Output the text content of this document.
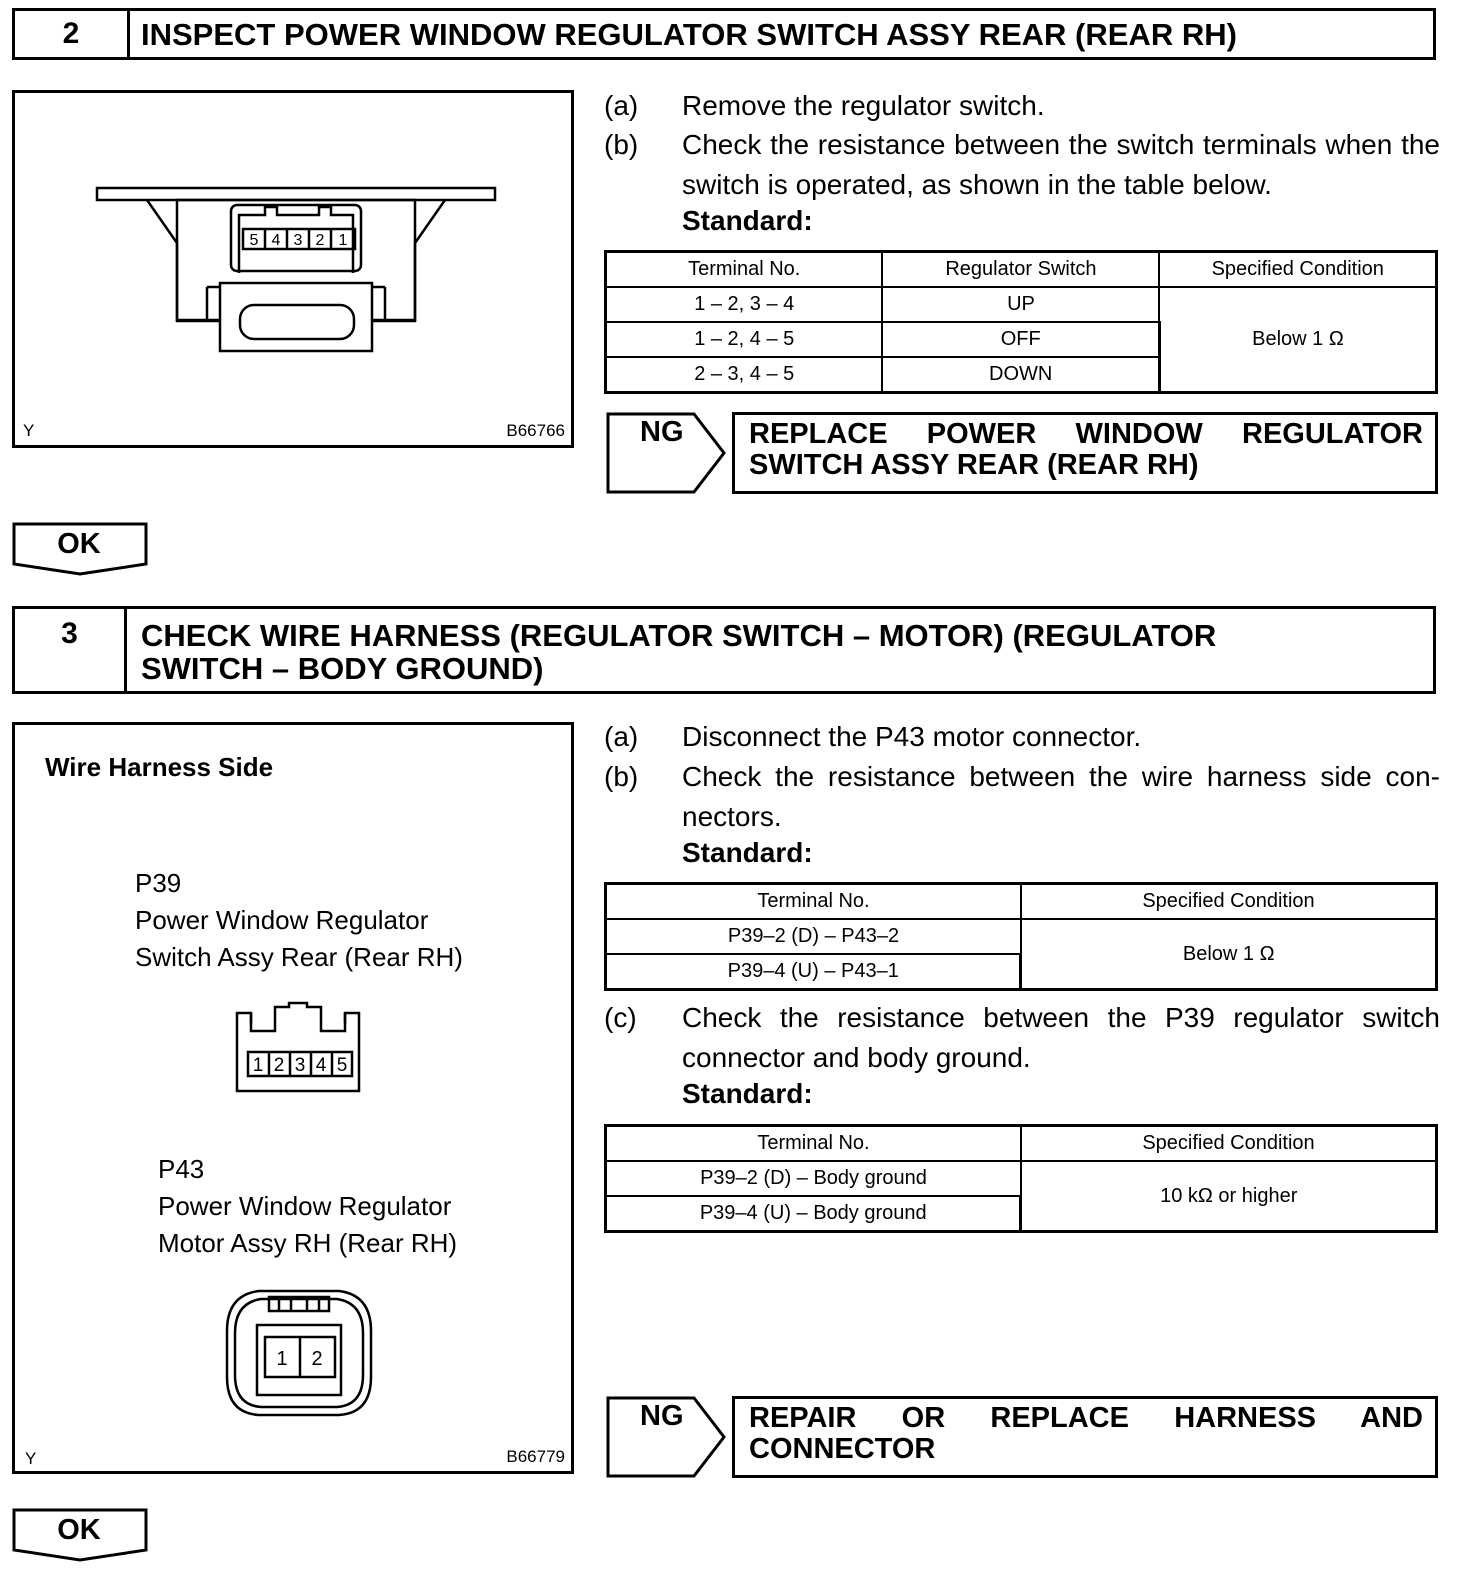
2	INSPECT POWER WINDOW REGULATOR SWITCH ASSY REAR (REAR RH)
5 4 3 2 1
Y	B66766
(a) Remove the regulator switch.
(b) Check the resistance between the switch terminals when the switch is operated, as shown in the table below.
Standard:
Terminal No.	Regulator Switch	Specified Condition
1 – 2, 3 – 4	UP	Below 1 Ω
1 – 2, 4 – 5	OFF	
2 – 3, 4 – 5	DOWN	
NG REPLACE POWER WINDOW REGULATOR
SWITCH ASSY REAR (REAR RH)
OK
3	CHECK WIRE HARNESS (REGULATOR SWITCH – MOTOR) (REGULATOR
SWITCH – BODY GROUND)
Wire Harness Side
P39
Power Window Regulator
Switch Assy Rear (Rear RH)
P43
Power Window Regulator
Motor Assy RH (Rear RH)
1 2 3 4 5
1 2
Y	B66779
(a) Disconnect the P43 motor connector.
(b) Check the resistance between the wire harness side con-nectors.
Standard:
Terminal No.	Specified Condition
P39–2 (D) – P43–2	Below 1 Ω
P39–4 (U) – P43–1	
(c) Check the resistance between the P39 regulator switch connector and body ground.
Standard:
Terminal No.	Specified Condition
P39–2 (D) – Body ground	10 kΩ or higher
P39–4 (U) – Body ground	
NG REPAIR OR REPLACE HARNESS AND
CONNECTOR
OK
